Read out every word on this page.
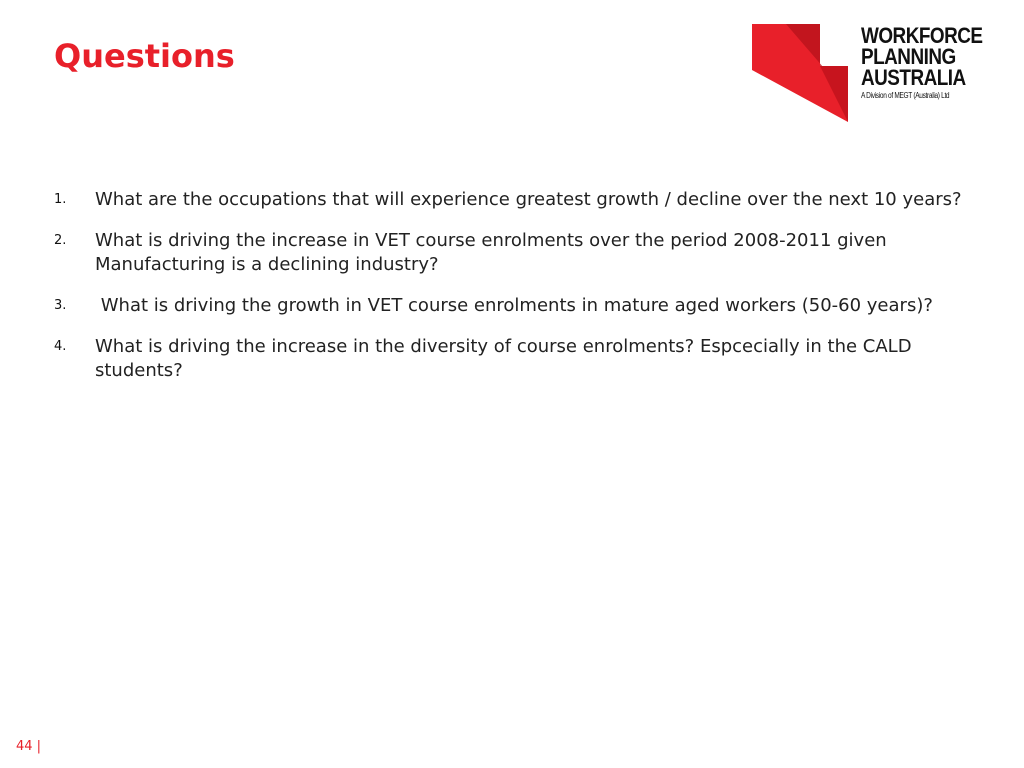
Questions
WORKFORCE
PLANNING
AUSTRALIA
A Division of MEGT (Australia) Ltd
1. What are the occupations that will experience greatest growth / decline over the next 10 years?
2. What is driving the increase in VET course enrolments over the period 2008-2011 given Manufacturing is a declining industry?
3. What is driving the growth in VET course enrolments in mature aged workers (50-60 years)?
4. What is driving the increase in the diversity of course enrolments? Espcecially in the CALD students?
44 |
